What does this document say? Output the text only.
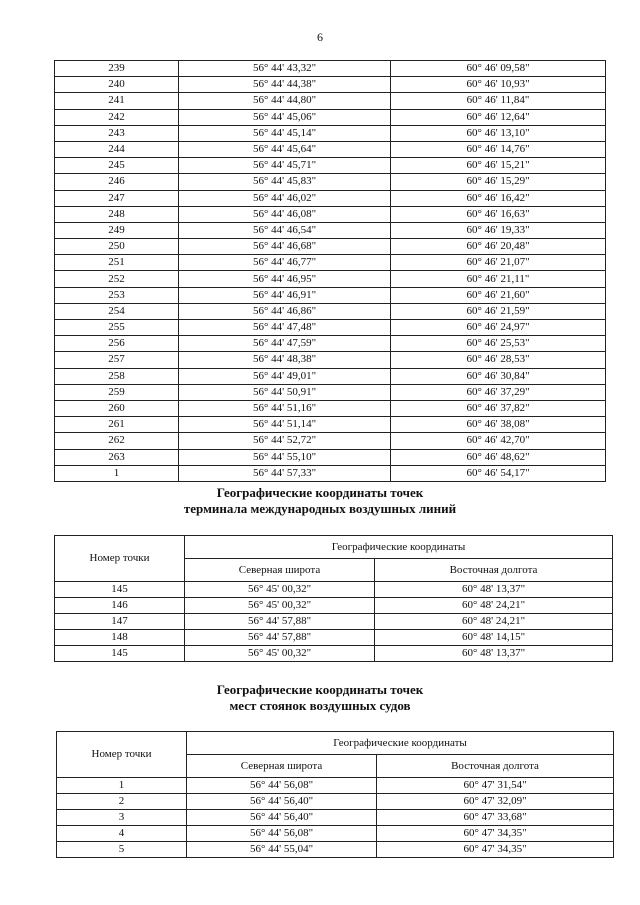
6
239	56° 44' 43,32"	60° 46' 09,58"
240	56° 44' 44,38"	60° 46' 10,93"
241	56° 44' 44,80"	60° 46' 11,84"
242	56° 44' 45,06"	60° 46' 12,64"
243	56° 44' 45,14"	60° 46' 13,10"
244	56° 44' 45,64"	60° 46' 14,76"
245	56° 44' 45,71"	60° 46' 15,21"
246	56° 44' 45,83"	60° 46' 15,29"
247	56° 44' 46,02"	60° 46' 16,42"
248	56° 44' 46,08"	60° 46' 16,63"
249	56° 44' 46,54"	60° 46' 19,33"
250	56° 44' 46,68"	60° 46' 20,48"
251	56° 44' 46,77"	60° 46' 21,07"
252	56° 44' 46,95"	60° 46' 21,11"
253	56° 44' 46,91"	60° 46' 21,60"
254	56° 44' 46,86"	60° 46' 21,59"
255	56° 44' 47,48"	60° 46' 24,97"
256	56° 44' 47,59"	60° 46' 25,53"
257	56° 44' 48,38"	60° 46' 28,53"
258	56° 44' 49,01"	60° 46' 30,84"
259	56° 44' 50,91"	60° 46' 37,29"
260	56° 44' 51,16"	60° 46' 37,82"
261	56° 44' 51,14"	60° 46' 38,08"
262	56° 44' 52,72"	60° 46' 42,70"
263	56° 44' 55,10"	60° 46' 48,62"
1	56° 44' 57,33"	60° 46' 54,17"
Географические координаты точек
терминала международных воздушных линий
Номер точки	Географические координаты	
	Северная широта	Восточная долгота
145	56° 45' 00,32"	60° 48' 13,37"
146	56° 45' 00,32"	60° 48' 24,21"
147	56° 44' 57,88"	60° 48' 24,21"
148	56° 44' 57,88"	60° 48' 14,15"
145	56° 45' 00,32"	60° 48' 13,37"
Географические координаты точек
мест стоянок воздушных судов
Номер точки	Географические координаты	
	Северная широта	Восточная долгота
1	56° 44' 56,08"	60° 47' 31,54"
2	56° 44' 56,40"	60° 47' 32,09"
3	56° 44' 56,40"	60° 47' 33,68"
4	56° 44' 56,08"	60° 47' 34,35"
5	56° 44' 55,04"	60° 47' 34,35"
